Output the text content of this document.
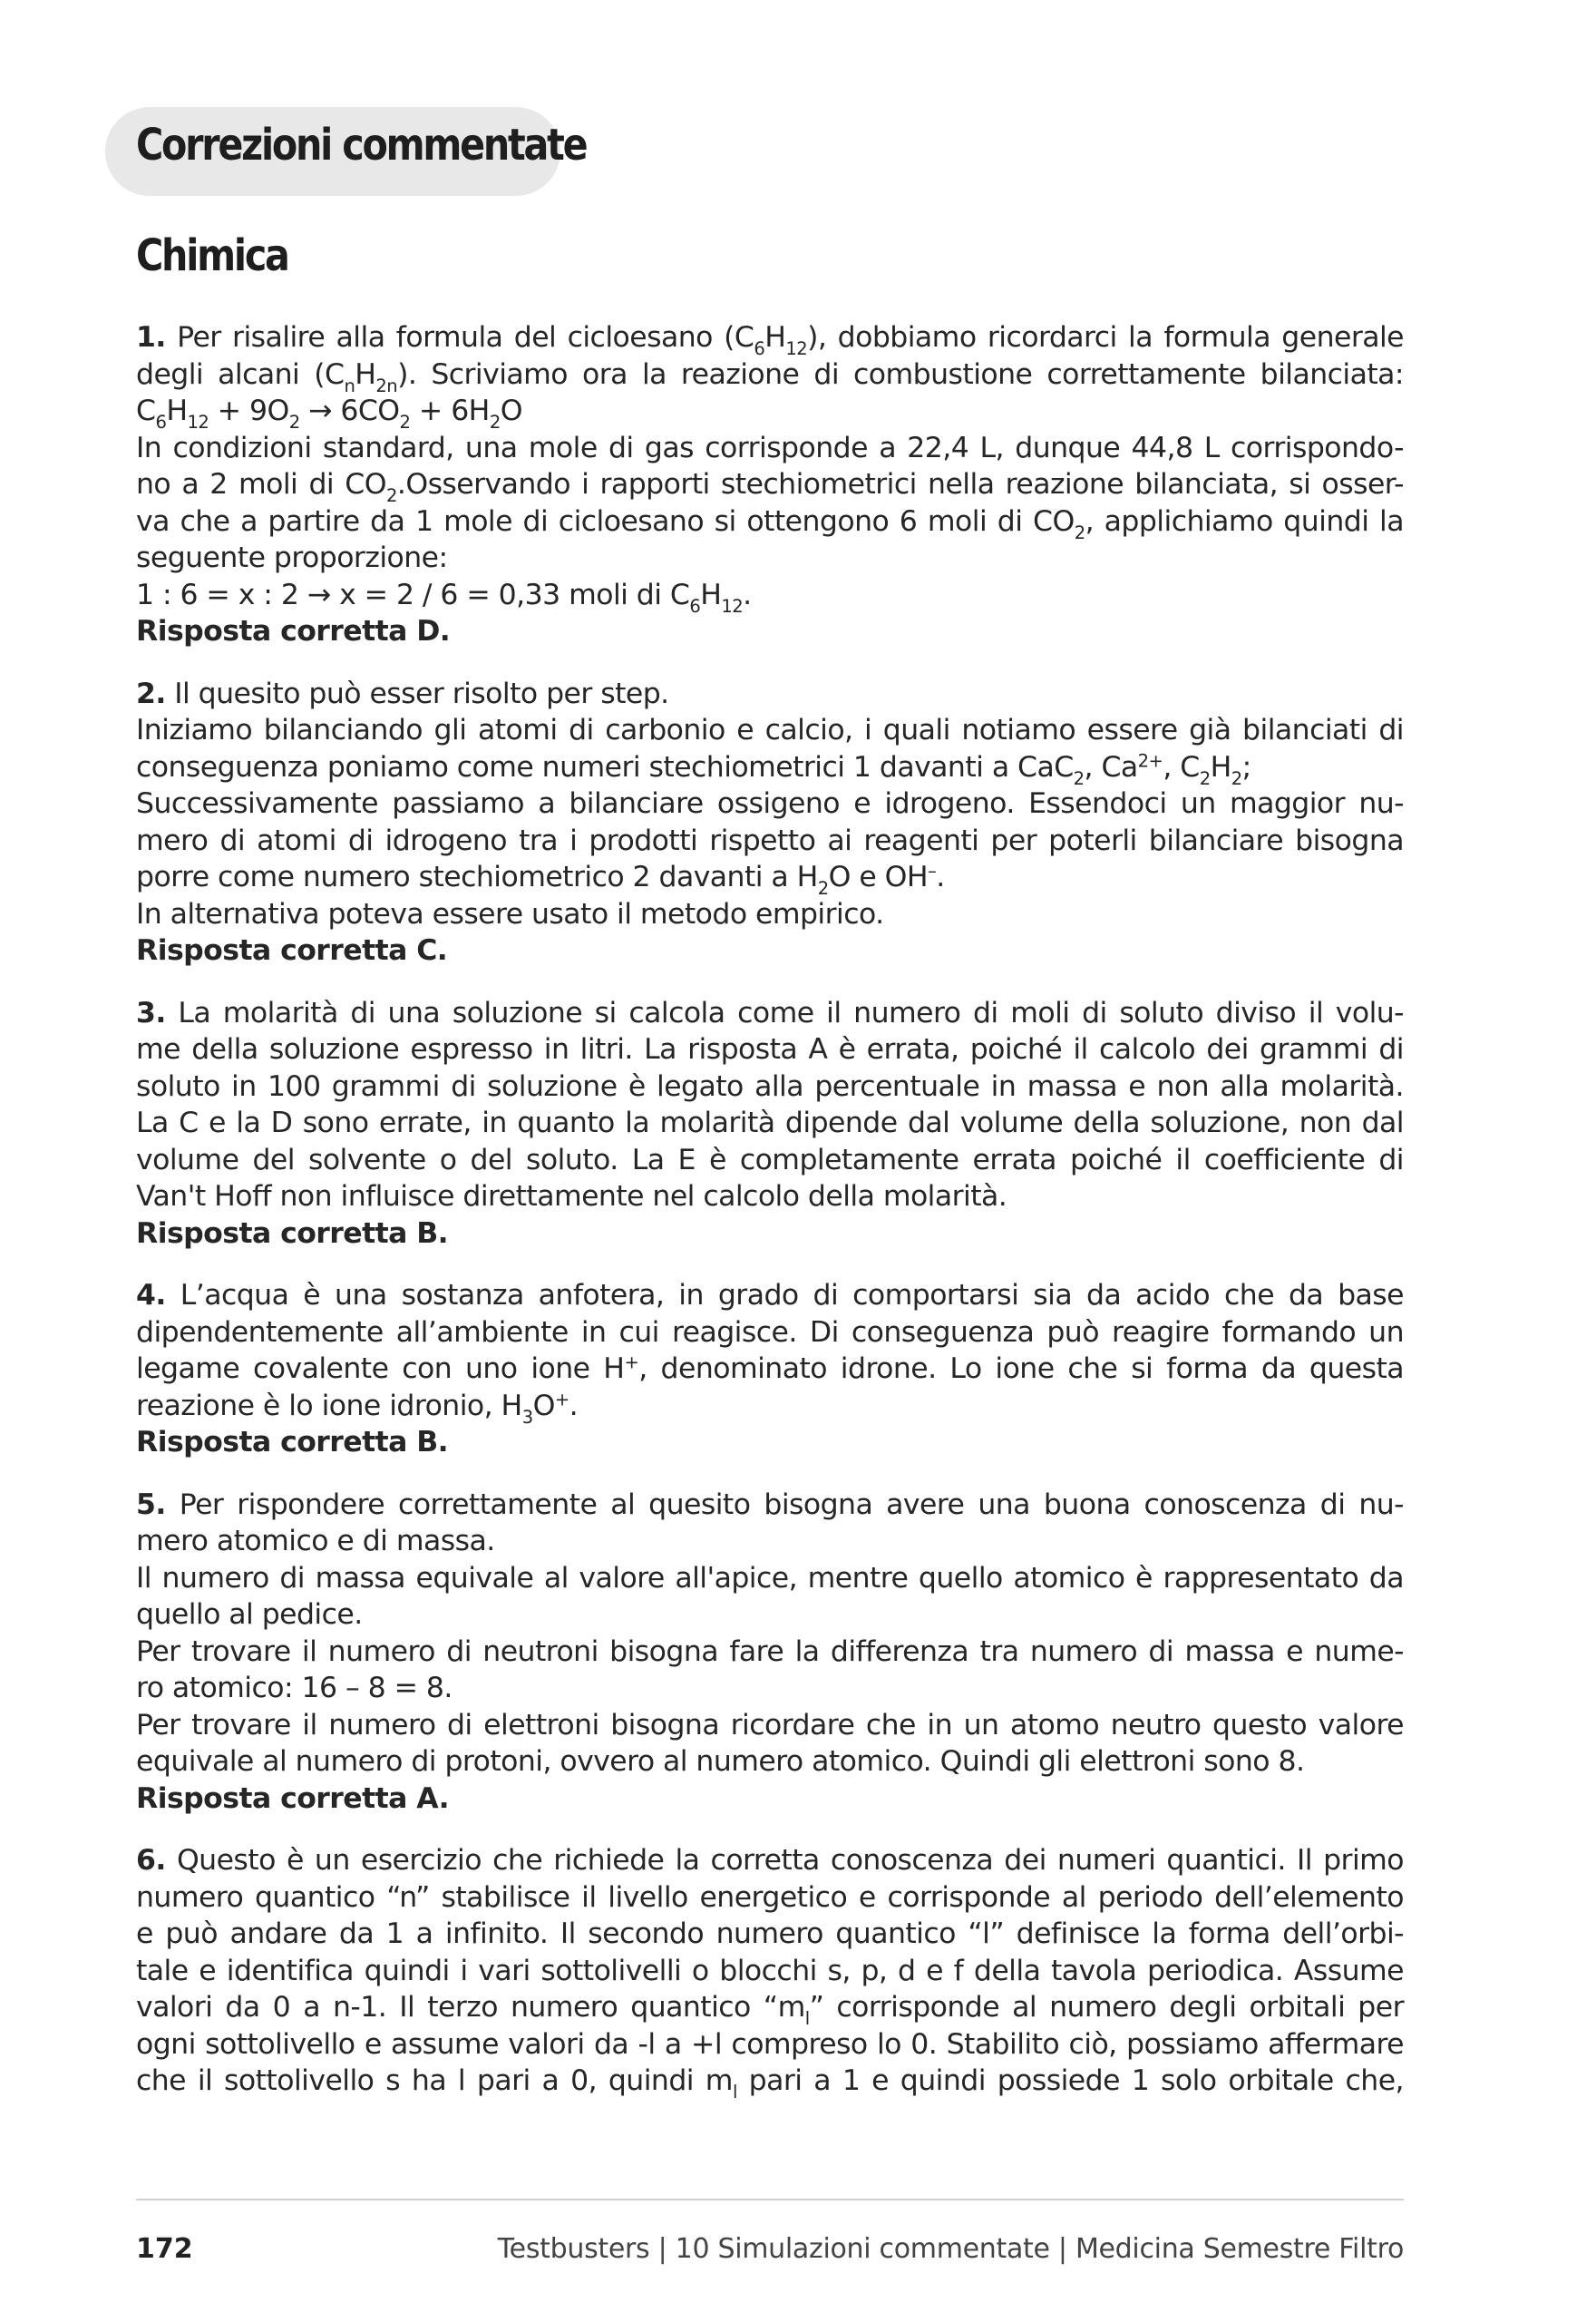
Correzioni commentate
Chimica
1. Per risalire alla formula del cicloesano $(C_6H_{12})$, dobbiamo ricordarci la formula generale
degli alcani $(C_nH_{2n})$. Scriviamo ora la reazione di combustione correttamente bilanciata:
$C_6H_{12} + 9O_2 \to 6CO_2 + 6H_2O$
In condizioni standard, una mole di gas corrisponde a 22,4 L, dunque 44,8 L corrispondo-
no a 2 moli di $CO_2.Osservando$ i rapporti stechiometrici nella reazione bilanciata, si osser-
va che a partire da 1 mole di cicloesano si ottengono 6 moli di $CO_2$, applichiamo quindi la
seguente proporzione:
1 : 6 = x : 2 → x = 2 / 6 = 0,33 moli di $C_6H_{12}$.
Risposta corretta D.
2. Il quesito può esser risolto per step.
Iniziamo bilanciando gli atomi di carbonio e calcio, i quali notiamo essere già bilanciati di
conseguenza poniamo come numeri stechiometrici 1 davanti a CaC$_2$, $Ca^{2+}$, $C_2H_2$;
Successivamente passiamo a bilanciare ossigeno e idrogeno. Essendoci un maggior nu-
mero di atomi di idrogeno tra i prodotti rispetto ai reagenti per poterli bilanciare bisogna
porre come numero stechiometrico 2 davanti a $H_2O$ e OH–.
In alternativa poteva essere usato il metodo empirico.
Risposta corretta C.
3. La molarità di una soluzione si calcola come il numero di moli di soluto diviso il volu-
me della soluzione espresso in litri. La risposta A è errata, poiché il calcolo dei grammi di
soluto in 100 grammi di soluzione è legato alla percentuale in massa e non alla molarità.
La C e la D sono errate, in quanto la molarità dipende dal volume della soluzione, non dal
volume del solvente o del soluto. La E è completamente errata poiché il coefficiente di
Van't Hoff non influisce direttamente nel calcolo della molarità.
Risposta corretta B.
4. L’acqua è una sostanza anfotera, in grado di comportarsi sia da acido che da base
dipendentemente all’ambiente in cui reagisce. Di conseguenza può reagire formando un
legame covalente con uno ione H+, denominato idrone. Lo ione che si forma da questa
reazione è lo ione idronio, $H_3O^+$.
Risposta corretta B.
5. Per rispondere correttamente al quesito bisogna avere una buona conoscenza di nu-
mero atomico e di massa.
Il numero di massa equivale al valore all'apice, mentre quello atomico è rappresentato da
quello al pedice.
Per trovare il numero di neutroni bisogna fare la differenza tra numero di massa e nume-
ro atomico: 16 – 8 = 8.
Per trovare il numero di elettroni bisogna ricordare che in un atomo neutro questo valore
equivale al numero di protoni, ovvero al numero atomico. Quindi gli elettroni sono 8.
Risposta corretta A.
6. Questo è un esercizio che richiede la corretta conoscenza dei numeri quantici. Il primo
numero quantico “n” stabilisce il livello energetico e corrisponde al periodo dell’elemento
e può andare da 1 a infinito. Il secondo numero quantico “l” definisce la forma dell’orbi-
tale e identifica quindi i vari sottolivelli o blocchi s, p, d e f della tavola periodica. Assume
valori da 0 a n-1. Il terzo numero quantico “$m_l$” corrisponde al numero degli orbitali per
ogni sottolivello e assume valori da -l a +l compreso lo 0. Stabilito ciò, possiamo affermare
che il sottolivello s ha l pari a 0, quindi $m_l$ pari a 1 e quindi possiede 1 solo orbitale che,
172	Testbusters | 10 Simulazioni commentate | Medicina Semestre Filtro
